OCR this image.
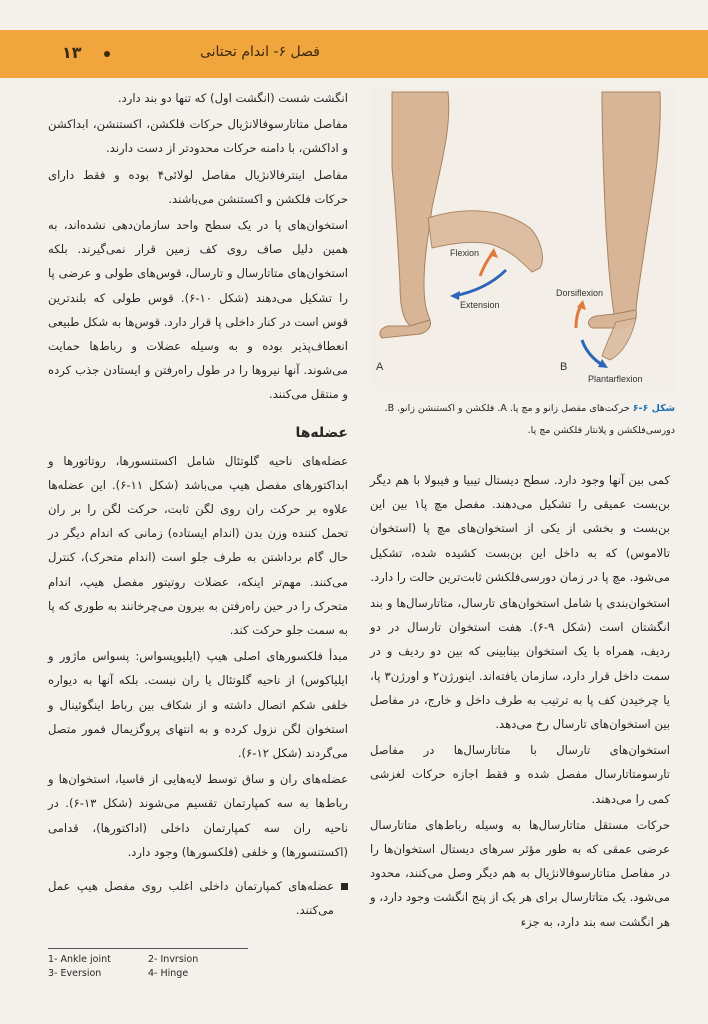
فصل ۶- اندام تحتانی
۱۳

انگشت شست (انگشت اول) که تنها دو بند دارد.

مفاصل متاتارسوفالانژیال حرکات فلکشن، اکستنشن، ابداکشن و اداکشن، با دامنه حرکات محدودتر از دست دارند.

مفاصل اینترفالانژیال مفاصل لولائی۴ بوده و فقط دارای حرکات فلکشن و اکستنشن می‌باشند.

استخوان‌های پا در یک سطح واحد سازمان‌دهی نشده‌اند، به همین دلیل صاف روی کف زمین قرار نمی‌گیرند. بلکه استخوان‌های متاتارسال و تارسال، قوس‌های طولی و عرضی پا را تشکیل می‌دهند (شکل ۱۰-۶). قوس طولی که بلندترین قوس است در کنار داخلی پا قرار دارد. قوس‌ها به شکل طبیعی انعطاف‌پذیر بوده و به وسیله عضلات و رباط‌ها حمایت می‌شوند. آنها نیروها را در طول راه‌رفتن و ایستادن جذب کرده و منتقل می‌کنند.

عضله‌ها

عضله‌های ناحیه گلوتئال شامل اکستنسورها، روتاتورها و ابداکتورهای مفصل هیپ می‌باشد (شکل ۱۱-۶). این عضله‌ها علاوه بر حرکت ران روی لگن ثابت، حرکت لگن را بر ران تحمل کننده وزن بدن (اندام ایستاده) زمانی که اندام دیگر در حال گام برداشتن به طرف جلو است (اندام متحرک)، کنترل می‌کنند. مهم‌تر اینکه، عضلات روتیتور مفصل هیپ، اندام متحرک را در حین راه‌رفتن به بیرون می‌چرخانند به طوری که پا به سمت جلو حرکت کند.

مبدأ فلکسورهای اصلی هیپ (ایلیوپسواس: پسواس ماژور و ایلیاکوس) از ناحیه گلوتئال یا ران نیست. بلکه آنها به دیواره خلفی شکم اتصال داشته و از شکاف بین رباط اینگوئینال و استخوان لگن نزول کرده و به انتهای پروگزیمال فمور متصل می‌گردند (شکل ۱۲-۶).

عضله‌های ران و ساق توسط لایه‌هایی از فاسیا، استخوان‌ها و رباط‌ها به سه کمپارتمان تقسیم می‌شوند (شکل ۱۳-۶). در ناحیه ران سه کمپارتمان داخلی (اداکتورها)، قدامی (اکستنسورها) و خلفی (فلکسورها) وجود دارد.

عضله‌های کمپارتمان داخلی اغلب روی مفصل هیپ عمل می‌کنند.

1- Ankle joint	2- Invrsion
3- Eversion	4- Hinge
Flexion
Extension
A
Dorsiflexion
Plantarflexion
B
شکل ۶-۶ حرکت‌های مفصل زانو و مچ پا. A. فلکشن و اکستنشن زانو. B. دورسی‌فلکشن و پلانتار فلکشن مچ پا.

کمی بین آنها وجود دارد. سطح دیستال تیبیا و فیبولا با هم دیگر بن‌بست عمیقی را تشکیل می‌دهند. مفصل مچ پا۱ بین این بن‌بست و بخشی از یکی از استخوان‌های مچ پا (استخوان تالاموس) که به داخل این بن‌بست کشیده شده، تشکیل می‌شود. مچ پا در زمان دورسی‌فلکشن ثابت‌ترین حالت را دارد.

استخوان‌بندی پا شامل استخوان‌های تارسال، متاتارسال‌ها و بند انگشتان است (شکل ۹-۶). هفت استخوان تارسال در دو ردیف، همراه با یک استخوان بینابینی که بین دو ردیف و در سمت داخل قرار دارد، سازمان یافته‌اند. اینورژن۲ و اورژن۳ پا، یا چرخیدن کف پا به ترتیب به طرف داخل و خارج، در مفاصل بین استخوان‌های تارسال رخ می‌دهد.

استخوان‌های تارسال با متاتارسال‌ها در مفاصل تارسومتاتارسال مفصل شده و فقط اجازه حرکات لغزشی کمی را می‌دهند.

حرکات مستقل متاتارسال‌ها به وسیله رباط‌های متاتارسال عرضی عمقی که به طور مؤثر سرهای دیستال استخوان‌ها را در مفاصل متاتارسوفالانژیال به هم دیگر وصل می‌کنند، محدود می‌شود. یک متاتارسال برای هر یک از پنج انگشت وجود دارد، و هر انگشت سه بند دارد، به جزء
